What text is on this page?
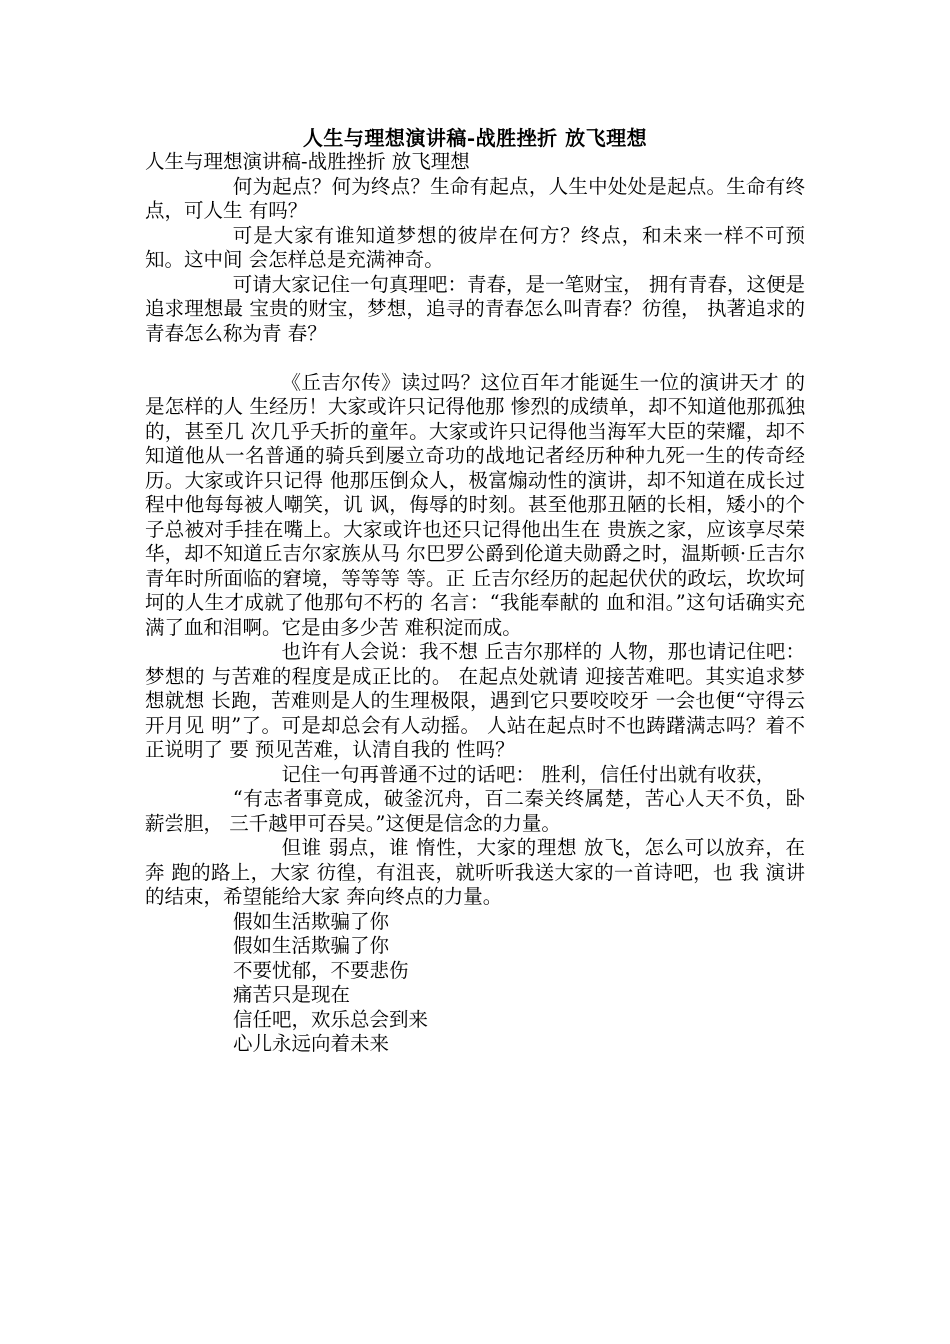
人生与理想演讲稿-战胜挫折 放飞理想

人生与理想演讲稿-战胜挫折 放飞理想

何为起点？何为终点？生命有起点，人生中处处是起点。生命有终点，可人生 有吗？

可是大家有谁知道梦想的彼岸在何方？终点，和未来一样不可预知。这中间 会怎样总是充满神奇。

可请大家记住一句真理吧：青春，是一笔财宝， 拥有青春，这便是追求理想最 宝贵的财宝，梦想，追寻的青春怎么叫青春？彷徨， 执著追求的青春怎么称为青 春？

《丘吉尔传》读过吗？这位百年才能诞生一位的演讲天才 的是怎样的人 生经历！大家或许只记得他那 惨烈的成绩单，却不知道他那孤独的，甚至几 次几乎夭折的童年。大家或许只记得他当海军大臣的荣耀，却不知道他从一名普通的骑兵到屡立奇功的战地记者经历种种九死一生的传奇经历。大家或许只记得 他那压倒众人，极富煽动性的演讲，却不知道在成长过程中他每每被人嘲笑，讥 讽，侮辱的时刻。甚至他那丑陋的长相，矮小的个子总被对手挂在嘴上。大家或许也还只记得他出生在 贵族之家，应该享尽荣华，却不知道丘吉尔家族从马 尔巴罗公爵到伦道夫勋爵之时，温斯顿·丘吉尔青年时所面临的窘境，等等等 等。正 丘吉尔经历的起起伏伏的政坛，坎坎坷坷的人生才成就了他那句不朽的 名言：“我能奉献的 血和泪。”这句话确实充满了血和泪啊。它是由多少苦 难积淀而成。

也许有人会说：我不想 丘吉尔那样的 人物，那也请记住吧：梦想的 与苦难的程度是成正比的。 在起点处就请 迎接苦难吧。其实追求梦想就想 长跑，苦难则是人的生理极限，遇到它只要咬咬牙 一会也便“守得云开月见 明”了。可是却总会有人动摇。 人站在起点时不也踌躇满志吗？着不正说明了 要 预见苦难，认清自我的 性吗？

记住一句再普通不过的话吧： 胜利，信任付出就有收获，

“有志者事竟成，破釜沉舟，百二秦关终属楚，苦心人天不负，卧薪尝胆， 三千越甲可吞吴。”这便是信念的力量。

但谁 弱点，谁 惰性，大家的理想 放飞，怎么可以放弃，在奔 跑的路上，大家 彷徨，有沮丧，就听听我送大家的一首诗吧，也 我 演讲的结束，希望能给大家 奔向终点的力量。

假如生活欺骗了你
假如生活欺骗了你
不要忧郁，不要悲伤
痛苦只是现在
信任吧，欢乐总会到来
心儿永远向着未来
